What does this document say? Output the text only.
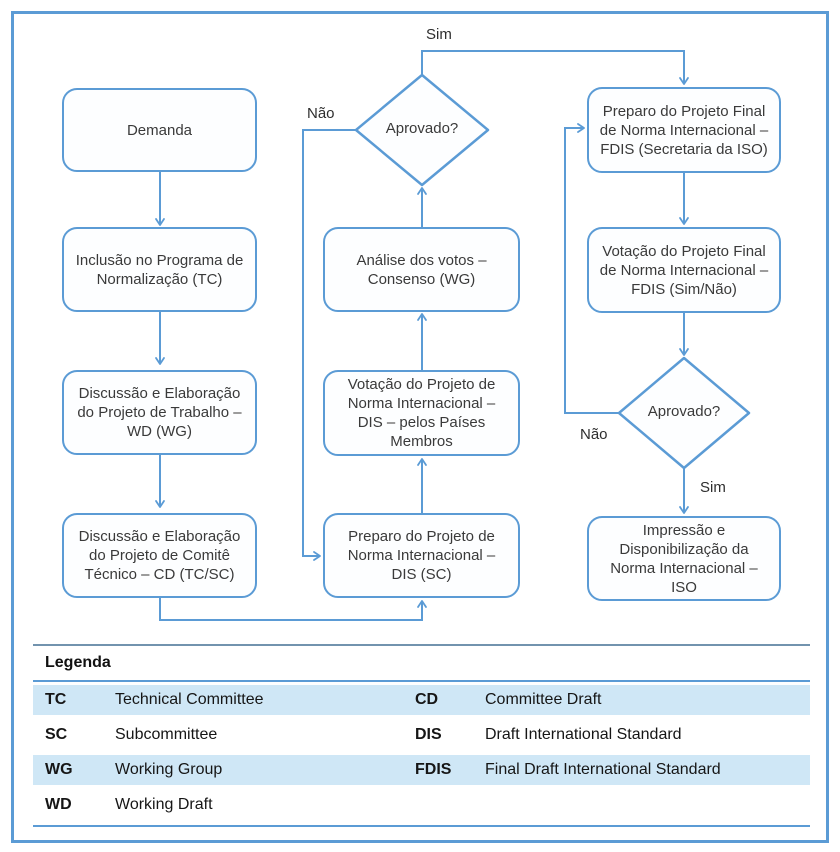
Demanda
Inclusão no Programa de Normalização (TC)
Discussão e Elaboração do Projeto de Trabalho – WD (WG)
Discussão e Elaboração do Projeto de Comitê Técnico – CD (TC/SC)
Análise dos votos – Consenso (WG)
Votação do Projeto de Norma Internacional – DIS – pelos Países Membros
Preparo do Projeto de Norma Internacional – DIS (SC)
Preparo do Projeto Final de Norma Internacional – FDIS (Secretaria da ISO)
Votação do Projeto Final de Norma Internacional – FDIS (Sim/Não)
Impressão e Disponibilização da Norma Internacional – ISO
Aprovado?
Aprovado?
Sim
Não
Não
Sim
Legenda
TC	Technical Committee	CD	Committee Draft
SC	Subcommittee	DIS	Draft International Standard
WG	Working Group	FDIS	Final Draft International Standard
WD	Working Draft
